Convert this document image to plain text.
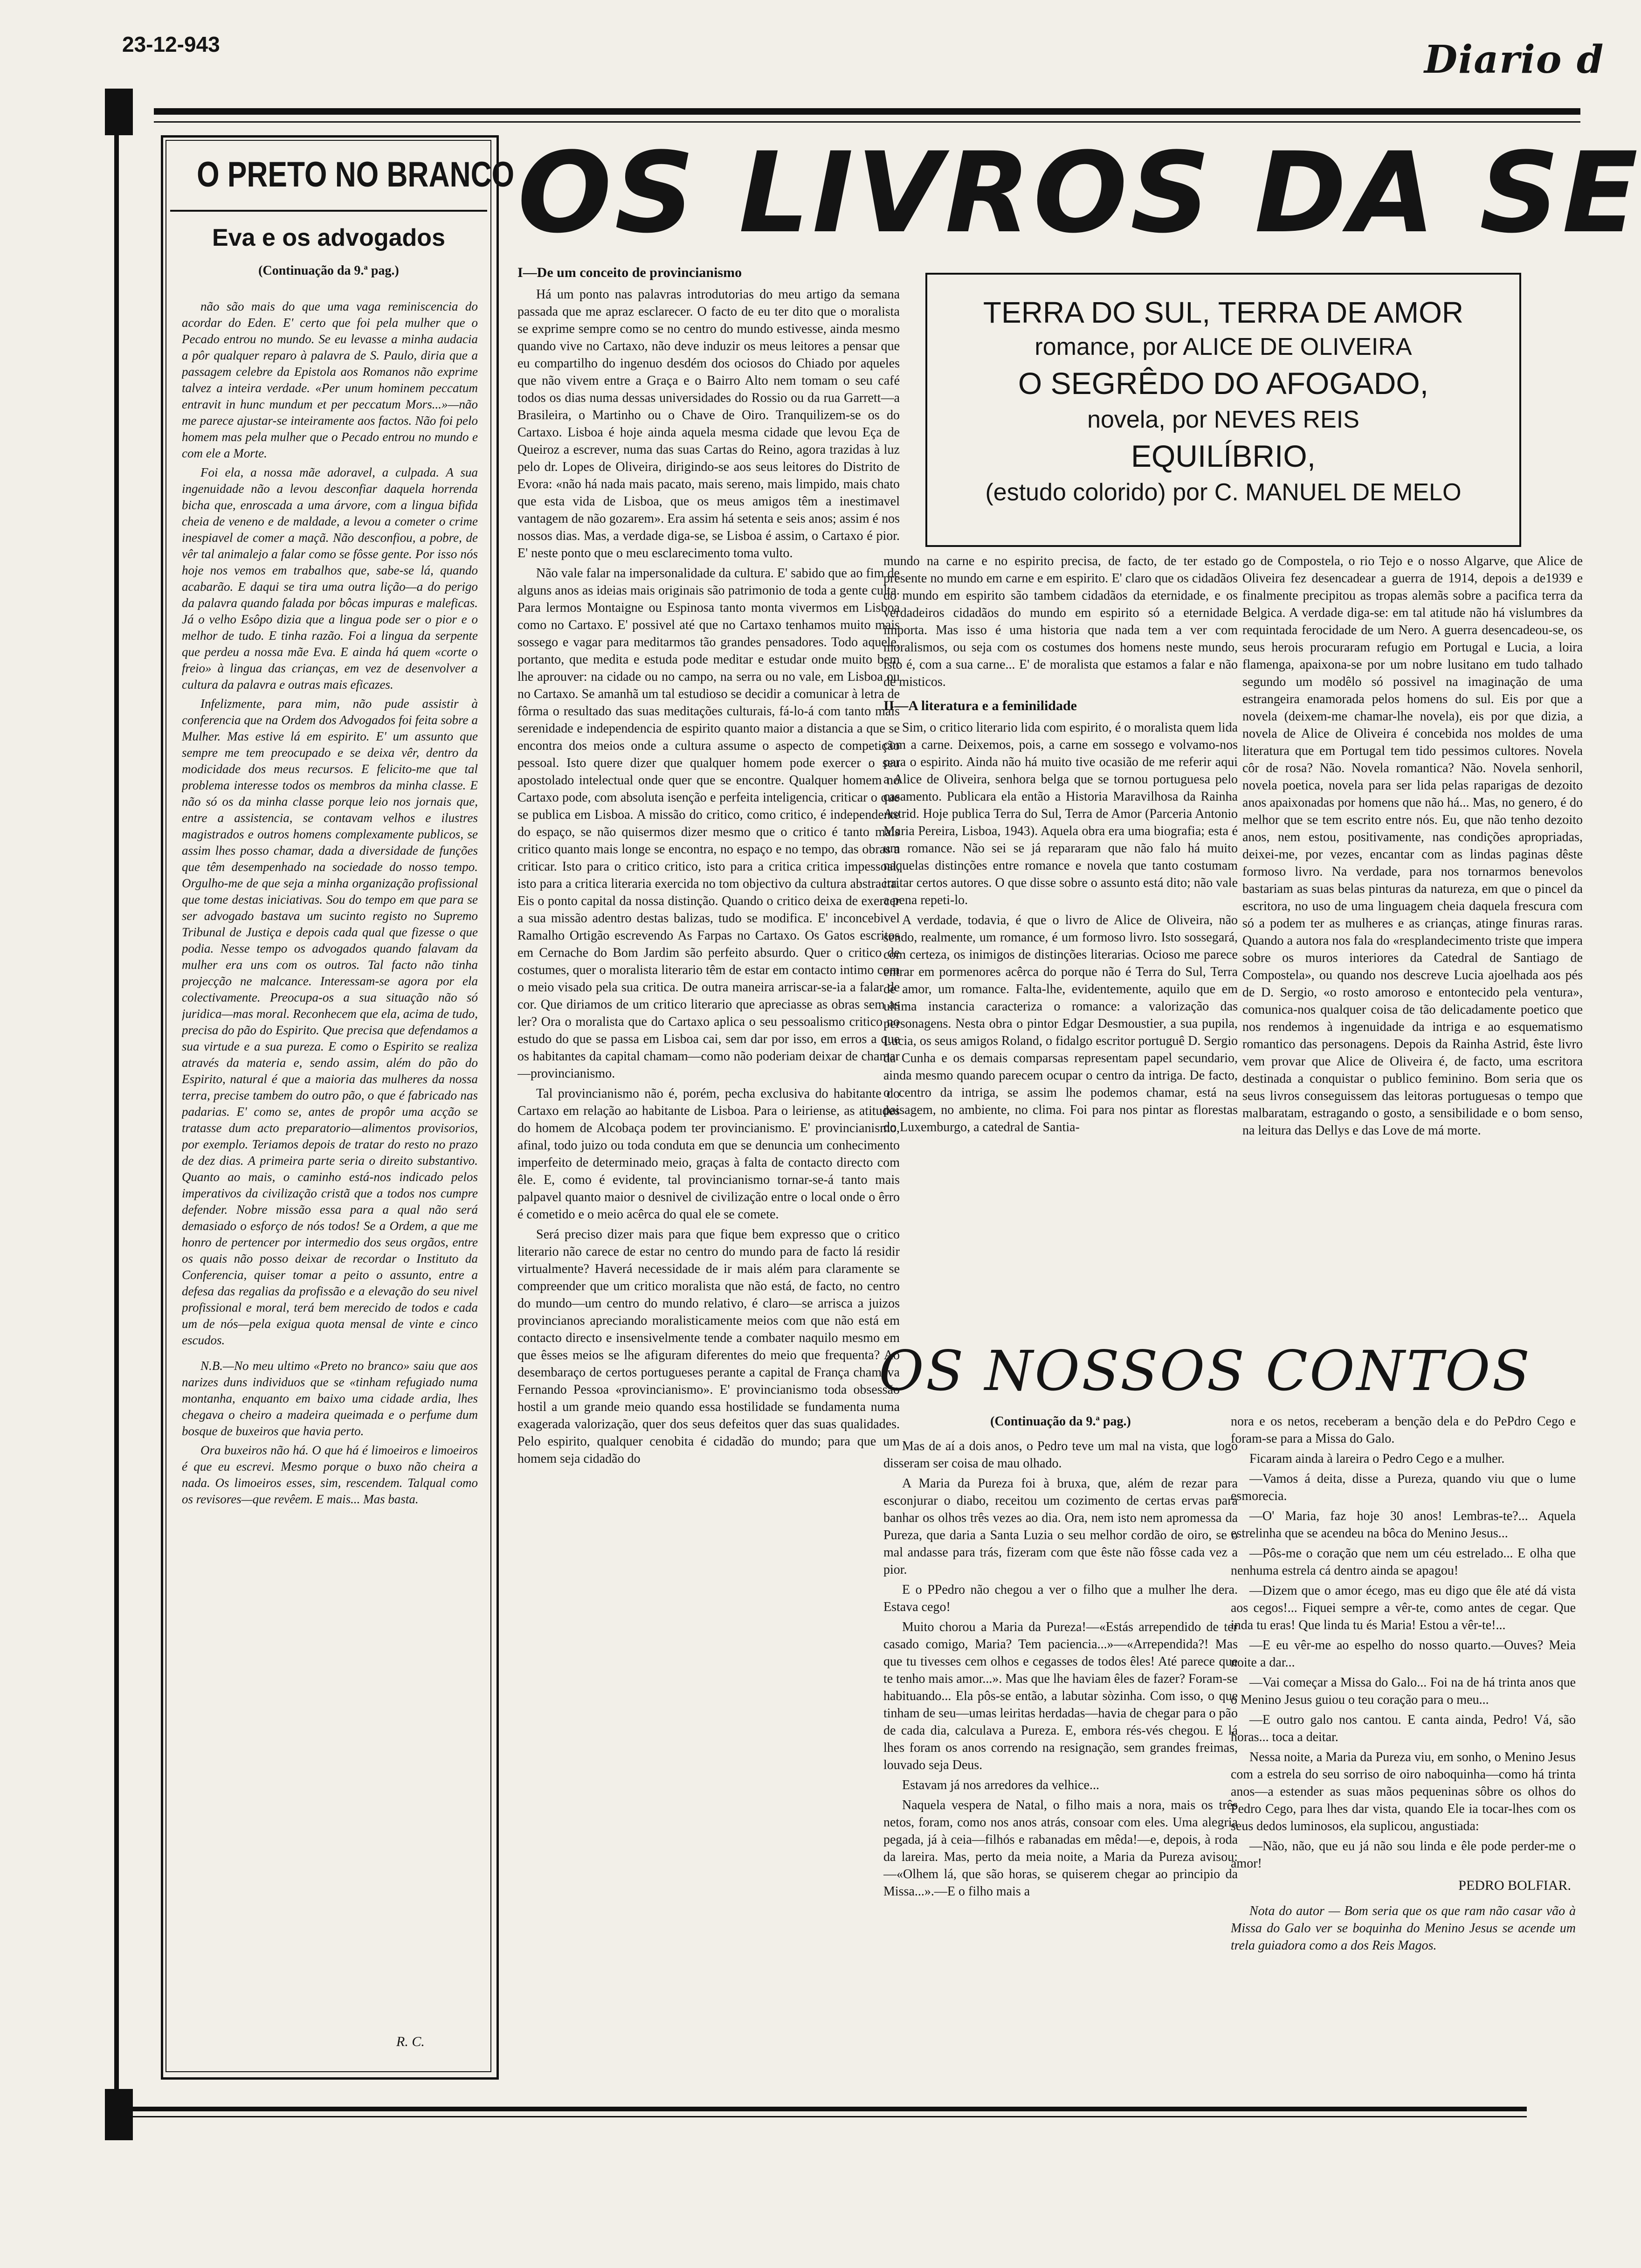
23-12-943	Diario d
O PRETO NO BRANCO
Eva e os advogados
(Continuação da 9.ª pag.)

não são mais do que uma vaga reminiscencia do acordar do Eden. E' certo que foi pela mulher que o Pecado entrou no mundo. Se eu levasse a minha audacia a pôr qualquer reparo à palavra de S. Paulo, diria que a passagem celebre da Epistola aos Romanos não exprime talvez a inteira verdade. «Per unum hominem peccatum entravit in hunc mundum et per peccatum Mors...»—não me parece ajustar-se inteiramente aos factos. Não foi pelo homem mas pela mulher que o Pecado entrou no mundo e com ele a Morte.

Foi ela, a nossa mãe adoravel, a culpada. A sua ingenuidade não a levou desconfiar daquela horrenda bicha que, enroscada a uma árvore, com a lingua bifida cheia de veneno e de maldade, a levou a cometer o crime inespiavel de comer a maçã. Não desconfiou, a pobre, de vêr tal animalejo a falar como se fôsse gente. Por isso nós hoje nos vemos em trabalhos que, sabe-se lá, quando acabarão. E daqui se tira uma outra lição—a do perigo da palavra quando falada por bôcas impuras e maleficas. Já o velho Esôpo dizia que a lingua pode ser o pior e o melhor de tudo. E tinha razão. Foi a lingua da serpente que perdeu a nossa mãe Eva. E ainda há quem «corte o freio» à lingua das crianças, em vez de desenvolver a cultura da palavra e outras mais eficazes.

Infelizmente, para mim, não pude assistir à conferencia que na Ordem dos Advogados foi feita sobre a Mulher. Mas estive lá em espirito. E' um assunto que sempre me tem preocupado e se deixa vêr, dentro da modicidade dos meus recursos. E felicito-me que tal problema interesse todos os membros da minha classe. E não só os da minha classe porque leio nos jornais que, entre a assistencia, se contavam velhos e ilustres magistrados e outros homens complexamente publicos, se assim lhes posso chamar, dada a diversidade de funções que têm desempenhado na sociedade do nosso tempo. Orgulho-me de que seja a minha organização profissional que tome destas iniciativas. Sou do tempo em que para se ser advogado bastava um sucinto registo no Supremo Tribunal de Justiça e depois cada qual que fizesse o que podia. Nesse tempo os advogados quando falavam da mulher era uns com os outros. Tal facto não tinha projecção ne malcance. Interessam-se agora por ela colectivamente. Preocupa-os a sua situação não só juridica—mas moral. Reconhecem que ela, acima de tudo, precisa do pão do Espirito. Que precisa que defendamos a sua virtude e a sua pureza. E como o Espirito se realiza através da materia e, sendo assim, além do pão do Espirito, natural é que a maioria das mulheres da nossa terra, precise tambem do outro pão, o que é fabricado nas padarias. E' como se, antes de propôr uma acção se tratasse dum acto preparatorio—alimentos provisorios, por exemplo. Teriamos depois de tratar do resto no prazo de dez dias. A primeira parte seria o direito substantivo. Quanto ao mais, o caminho está-nos indicado pelos imperativos da civilização cristã que a todos nos cumpre defender. Nobre missão essa para a qual não será demasiado o esforço de nós todos! Se a Ordem, a que me honro de pertencer por intermedio dos seus orgãos, entre os quais não posso deixar de recordar o Instituto da Conferencia, quiser tomar a peito o assunto, entre a defesa das regalias da profissão e a elevação do seu nivel profissional e moral, terá bem merecido de todos e cada um de nós—pela exigua quota mensal de vinte e cinco escudos.

N.B.—No meu ultimo «Preto no branco» saiu que aos narizes duns individuos que se «tinham refugiado numa montanha, enquanto em baixo uma cidade ardia, lhes chegava o cheiro a madeira queimada e o perfume dum bosque de buxeiros que havia perto.

Ora buxeiros não há. O que há é limoeiros e limoeiros é que eu escrevi. Mesmo porque o buxo não cheira a nada. Os limoeiros esses, sim, rescendem. Talqual como os revisores—que revêem. E mais... Mas basta.

R. C.
OS LIVROS DA SE
TERRA DO SUL, TERRA DE AMOR
romance, por ALICE DE OLIVEIRA
O SEGRÊDO DO AFOGADO,
novela, por NEVES REIS
EQUILÍBRIO,
(estudo colorido) por C. MANUEL DE MELO
I—De um conceito de provincianismo

Há um ponto nas palavras introdutorias do meu artigo da semana passada que me apraz esclarecer. O facto de eu ter dito que o moralista se exprime sempre como se no centro do mundo estivesse, ainda mesmo quando vive no Cartaxo, não deve induzir os meus leitores a pensar que eu compartilho do ingenuo desdém dos ociosos do Chiado por aqueles que não vivem entre a Graça e o Bairro Alto nem tomam o seu café todos os dias numa dessas universidades do Rossio ou da rua Garrett—a Brasileira, o Martinho ou o Chave de Oiro. Tranquilizem-se os do Cartaxo. Lisboa é hoje ainda aquela mesma cidade que levou Eça de Queiroz a escrever, numa das suas Cartas do Reino, agora trazidas à luz pelo dr. Lopes de Oliveira, dirigindo-se aos seus leitores do Distrito de Evora: «não há nada mais pacato, mais sereno, mais limpido, mais chato que esta vida de Lisboa, que os meus amigos têm a inestimavel vantagem de não gozarem». Era assim há setenta e seis anos; assim é nos nossos dias. Mas, a verdade diga-se, se Lisboa é assim, o Cartaxo é pior. E' neste ponto que o meu esclarecimento toma vulto.

Não vale falar na impersonalidade da cultura. E' sabido que ao fim de alguns anos as ideias mais originais são patrimonio de toda a gente culta. Para lermos Montaigne ou Espinosa tanto monta vivermos em Lisboa como no Cartaxo. E' possivel até que no Cartaxo tenhamos muito mais sossego e vagar para meditarmos tão grandes pensadores. Todo aquele, portanto, que medita e estuda pode meditar e estudar onde muito bem lhe aprouver: na cidade ou no campo, na serra ou no vale, em Lisboa ou no Cartaxo. Se amanhã um tal estudioso se decidir a comunicar à letra de fôrma o resultado das suas meditações culturais, fá-lo-á com tanto mais serenidade e independencia de espirito quanto maior a distancia a que se encontra dos meios onde a cultura assume o aspecto de competição pessoal. Isto quere dizer que qualquer homem pode exercer o seu apostolado intelectual onde quer que se encontre. Qualquer homem no Cartaxo pode, com absoluta isenção e perfeita inteligencia, criticar o que se publica em Lisboa. A missão do critico, como critico, é independente do espaço, se não quisermos dizer mesmo que o critico é tanto mais critico quanto mais longe se encontra, no espaço e no tempo, das obras a criticar. Isto para o critico critico, isto para a critica critica impessoal, isto para a critica literaria exercida no tom objectivo da cultura abstracta. Eis o ponto capital da nossa distinção. Quando o critico deixa de exercer a sua missão adentro destas balizas, tudo se modifica. E' inconcebivel Ramalho Ortigão escrevendo As Farpas no Cartaxo. Os Gatos escritos em Cernache do Bom Jardim são perfeito absurdo. Quer o critico de costumes, quer o moralista literario têm de estar em contacto intimo com o meio visado pela sua critica. De outra maneira arriscar-se-ia a falar de cor. Que diriamos de um critico literario que apreciasse as obras sem as ler? Ora o moralista que do Cartaxo aplica o seu pessoalismo critico no estudo do que se passa em Lisboa cai, sem dar por isso, em erros a que os habitantes da capital chamam—como não poderiam deixar de chamar—provincianismo.

Tal provincianismo não é, porém, pecha exclusiva do habitante do Cartaxo em relação ao habitante de Lisboa. Para o leiriense, as atitudes do homem de Alcobaça podem ter provincianismo. E' provincianismo, afinal, todo juizo ou toda conduta em que se denuncia um conhecimento imperfeito de determinado meio, graças à falta de contacto directo com êle. E, como é evidente, tal provincianismo tornar-se-á tanto mais palpavel quanto maior o desnivel de civilização entre o local onde o êrro é cometido e o meio acêrca do qual ele se comete.

Será preciso dizer mais para que fique bem expresso que o critico literario não carece de estar no centro do mundo para de facto lá residir virtualmente? Haverá necessidade de ir mais além para claramente se compreender que um critico moralista que não está, de facto, no centro do mundo—um centro do mundo relativo, é claro—se arrisca a juizos provincianos apreciando moralisticamente meios com que não está em contacto directo e insensivelmente tende a combater naquilo mesmo em que êsses meios se lhe afiguram diferentes do meio que frequenta? Ao desembaraço de certos portugueses perante a capital de França chamava Fernando Pessoa «provincianismo». E' provincianismo toda obsessão hostil a um grande meio quando essa hostilidade se fundamenta numa exagerada valorização, quer dos seus defeitos quer das suas qualidades. Pelo espirito, qualquer cenobita é cidadão do mundo; para que um homem seja cidadão do

mundo na carne e no espirito precisa, de facto, de ter estado presente no mundo em carne e em espirito. E' claro que os cidadãos do mundo em espirito são tambem cidadãos da eternidade, e os verdadeiros cidadãos do mundo em espirito só a eternidade importa. Mas isso é uma historia que nada tem a ver com moralismos, ou seja com os costumes dos homens neste mundo, isto é, com a sua carne... E' de moralista que estamos a falar e não de misticos.

II—A literatura e a feminilidade

Sim, o critico literario lida com espirito, é o moralista quem lida com a carne. Deixemos, pois, a carne em sossego e volvamo-nos para o espirito. Ainda não há muito tive ocasião de me referir aqui a Alice de Oliveira, senhora belga que se tornou portuguesa pelo casamento. Publicara ela então a Historia Maravilhosa da Rainha Astrid. Hoje publica Terra do Sul, Terra de Amor (Parceria Antonio Maria Pereira, Lisboa, 1943). Aquela obra era uma biografia; esta é um romance. Não sei se já repararam que não falo há muito naquelas distinções entre romance e novela que tanto costumam irritar certos autores. O que disse sobre o assunto está dito; não vale a pena repeti-lo.

A verdade, todavia, é que o livro de Alice de Oliveira, não sendo, realmente, um romance, é um formoso livro. Isto sossegará, com certeza, os inimigos de distinções literarias. Ocioso me parece entrar em pormenores acêrca do porque não é Terra do Sul, Terra de amor, um romance. Falta-lhe, evidentemente, aquilo que em ultima instancia caracteriza o romance: a valorização das personagens. Nesta obra o pintor Edgar Desmoustier, a sua pupila, Lucia, os seus amigos Roland, o fidalgo escritor portuguê D. Sergio da Cunha e os demais comparsas representam papel secundario, ainda mesmo quando parecem ocupar o centro da intriga. De facto, o centro da intriga, se assim lhe podemos chamar, está na paisagem, no ambiente, no clima. Foi para nos pintar as florestas do Luxemburgo, a catedral de Santia-

go de Compostela, o rio Tejo e o nosso Algarve, que Alice de Oliveira fez desencadear a guerra de 1914, depois a de1939 e finalmente precipitou as tropas alemãs sobre a pacifica terra da Belgica. A verdade diga-se: em tal atitude não há vislumbres da requintada ferocidade de um Nero. A guerra desencadeou-se, os seus herois procuraram refugio em Portugal e Lucia, a loira flamenga, apaixona-se por um nobre lusitano em tudo talhado segundo um modêlo só possivel na imaginação de uma estrangeira enamorada pelos homens do sul. Eis por que a novela (deixem-me chamar-lhe novela), eis por que dizia, a novela de Alice de Oliveira é concebida nos moldes de uma literatura que em Portugal tem tido pessimos cultores. Novela côr de rosa? Não. Novela romantica? Não. Novela senhoril, novela poetica, novela para ser lida pelas raparigas de dezoito anos apaixonadas por homens que não há... Mas, no genero, é do melhor que se tem escrito entre nós. Eu, que não tenho dezoito anos, nem estou, positivamente, nas condições apropriadas, deixei-me, por vezes, encantar com as lindas paginas dêste formoso livro. Na verdade, para nos tornarmos benevolos bastariam as suas belas pinturas da natureza, em que o pincel da escritora, no uso de uma linguagem cheia daquela frescura com só a podem ter as mulheres e as crianças, atinge finuras raras. Quando a autora nos fala do «resplandecimento triste que impera sobre os muros interiores da Catedral de Santiago de Compostela», ou quando nos descreve Lucia ajoelhada aos pés de D. Sergio, «o rosto amoroso e entontecido pela ventura», comunica-nos qualquer coisa de tão delicadamente poetico que nos rendemos à ingenuidade da intriga e ao esquematismo romantico das personagens. Depois da Rainha Astrid, êste livro vem provar que Alice de Oliveira é, de facto, uma escritora destinada a conquistar o publico feminino. Bom seria que os seus livros conseguissem das leitoras portuguesas o tempo que malbaratam, estragando o gosto, a sensibilidade e o bom senso, na leitura das Dellys e das Love de má morte.

OS NOSSOS CONTOS
(Continuação da 9.ª pag.)

Mas de aí a dois anos, o Pedro teve um mal na vista, que logo disseram ser coisa de mau olhado.

A Maria da Pureza foi à bruxa, que, além de rezar para esconjurar o diabo, receitou um cozimento de certas ervas para banhar os olhos três vezes ao dia. Ora, nem isto nem apromessa da Pureza, que daria a Santa Luzia o seu melhor cordão de oiro, se o mal andasse para trás, fizeram com que êste não fôsse cada vez a pior.

E o PPedro não chegou a ver o filho que a mulher lhe dera. Estava cego!

Muito chorou a Maria da Pureza!—«Estás arrependido de ter casado comigo, Maria? Tem paciencia...»—«Arrependida?! Mas que tu tivesses cem olhos e cegasses de todos êles! Até parece que te tenho mais amor...». Mas que lhe haviam êles de fazer? Foram-se habituando... Ela pôs-se então, a labutar sòzinha. Com isso, o que tinham de seu—umas leiritas herdadas—havia de chegar para o pão de cada dia, calculava a Pureza. E, embora rés-vés chegou. E lá lhes foram os anos correndo na resignação, sem grandes freimas, louvado seja Deus.

Estavam já nos arredores da velhice...

Naquela vespera de Natal, o filho mais a nora, mais os três netos, foram, como nos anos atrás, consoar com eles. Uma alegria pegada, já à ceia—filhós e rabanadas em mêda!—e, depois, à roda da lareira. Mas, perto da meia noite, a Maria da Pureza avisou:—«Olhem lá, que são horas, se quiserem chegar ao principio da Missa...».—E o filho mais a

nora e os netos, receberam a benção dela e do PePdro Cego e foram-se para a Missa do Galo.

Ficaram ainda à lareira o Pedro Cego e a mulher.

—Vamos á deita, disse a Pureza, quando viu que o lume esmorecia.

—O' Maria, faz hoje 30 anos! Lembras-te?... Aquela estrelinha que se acendeu na bôca do Menino Jesus...

—Pôs-me o coração que nem um céu estrelado... E olha que nenhuma estrela cá dentro ainda se apagou!

—Dizem que o amor écego, mas eu digo que êle até dá vista aos cegos!... Fiquei sempre a vêr-te, como antes de cegar. Que inda tu eras! Que linda tu és Maria! Estou a vêr-te!...

—E eu vêr-me ao espelho do nosso quarto.—Ouves? Meia noite a dar...

—Vai começar a Missa do Galo... Foi na de há trinta anos que o Menino Jesus guiou o teu coração para o meu...

—E outro galo nos cantou. E canta ainda, Pedro! Vá, são horas... toca a deitar.

Nessa noite, a Maria da Pureza viu, em sonho, o Menino Jesus com a estrela do seu sorriso de oiro naboquinha—como há trinta anos—a estender as suas mãos pequeninas sôbre os olhos do Pedro Cego, para lhes dar vista, quando Ele ia tocar-lhes com os seus dedos luminosos, ela suplicou, angustiada:

—Não, não, que eu já não sou linda e êle pode perder-me o amor!

PEDRO BOLFIAR.

Nota do autor — Bom seria que os que ram não casar vão à Missa do Galo ver se boquinha do Menino Jesus se acende um trela guiadora como a dos Reis Magos.
